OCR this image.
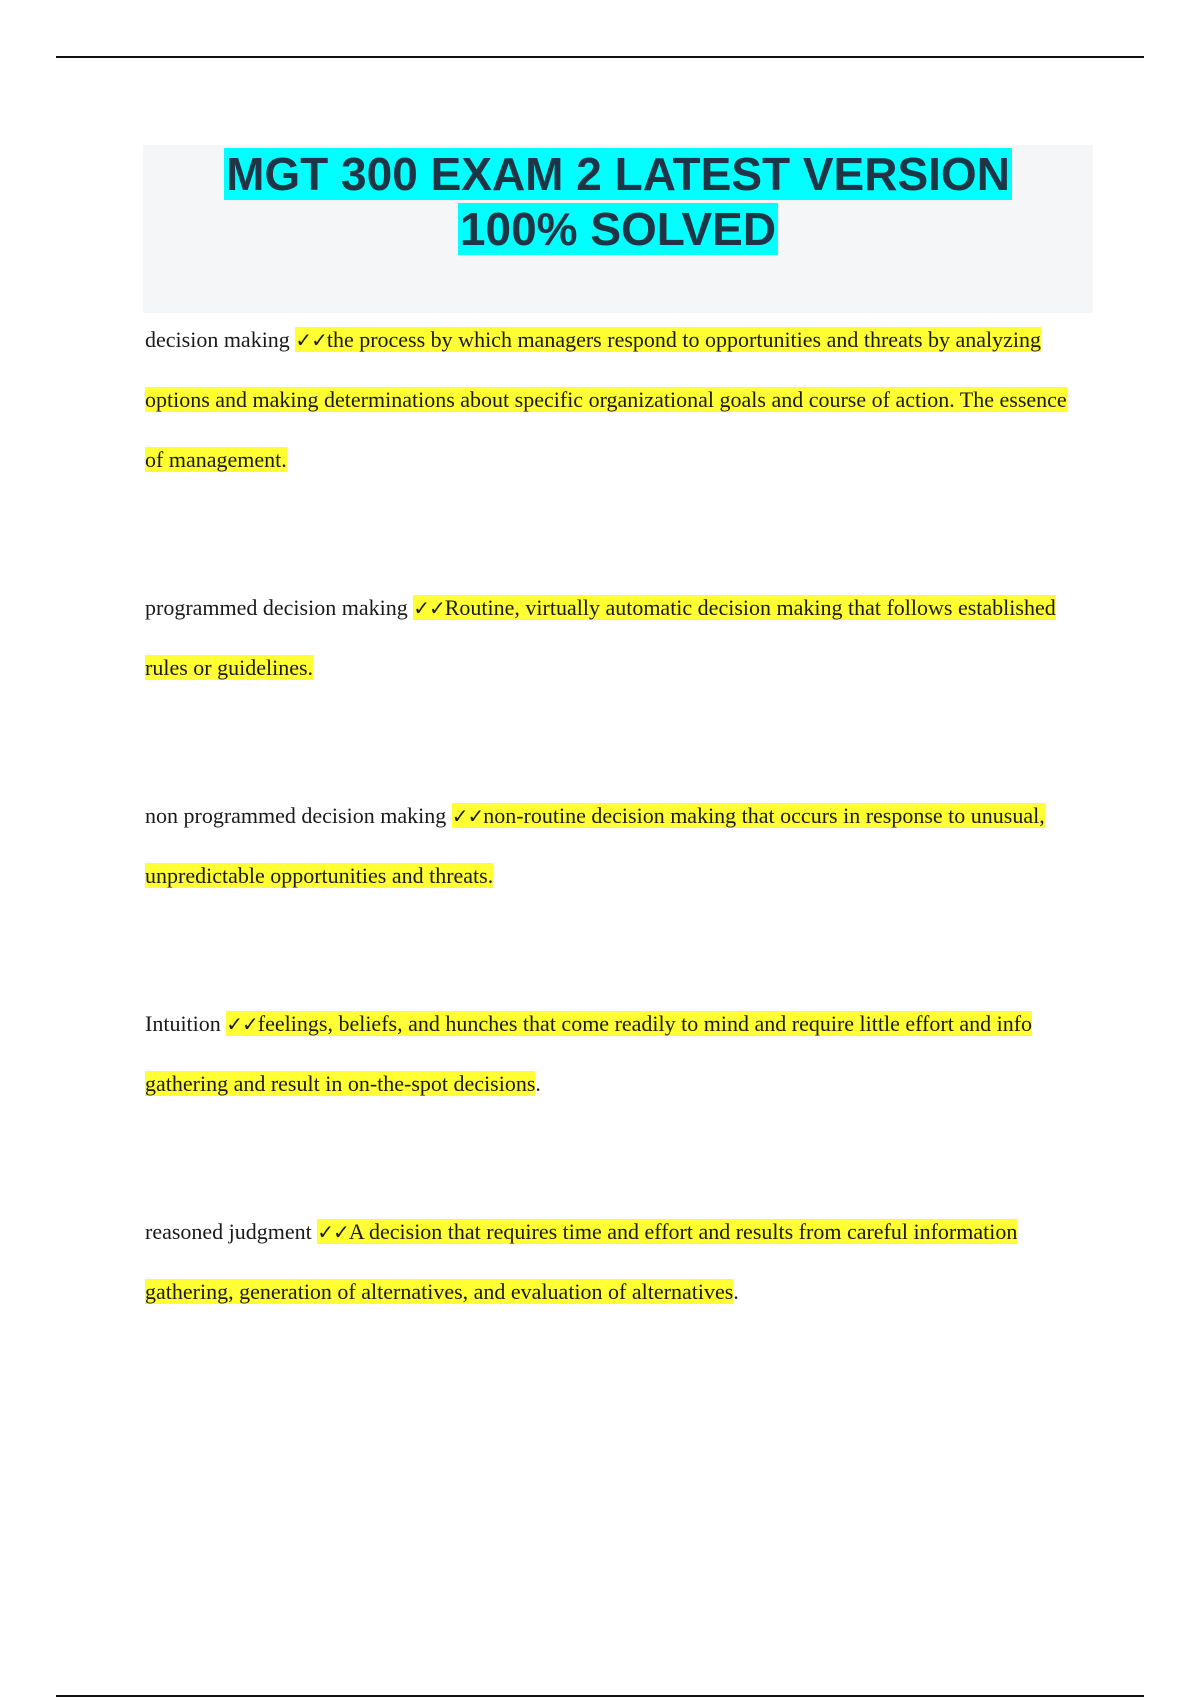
MGT 300 EXAM 2 LATEST VERSION
100% SOLVED

decision making ✓✓the process by which managers respond to opportunities and threats by analyzing options and making determinations about specific organizational goals and course of action. The essence of management.

programmed decision making ✓✓Routine, virtually automatic decision making that follows established rules or guidelines.

non programmed decision making ✓✓non-routine decision making that occurs in response to unusual, unpredictable opportunities and threats.

Intuition ✓✓feelings, beliefs, and hunches that come readily to mind and require little effort and info gathering and result in on-the-spot decisions.

reasoned judgment ✓✓A decision that requires time and effort and results from careful information gathering, generation of alternatives, and evaluation of alternatives.
